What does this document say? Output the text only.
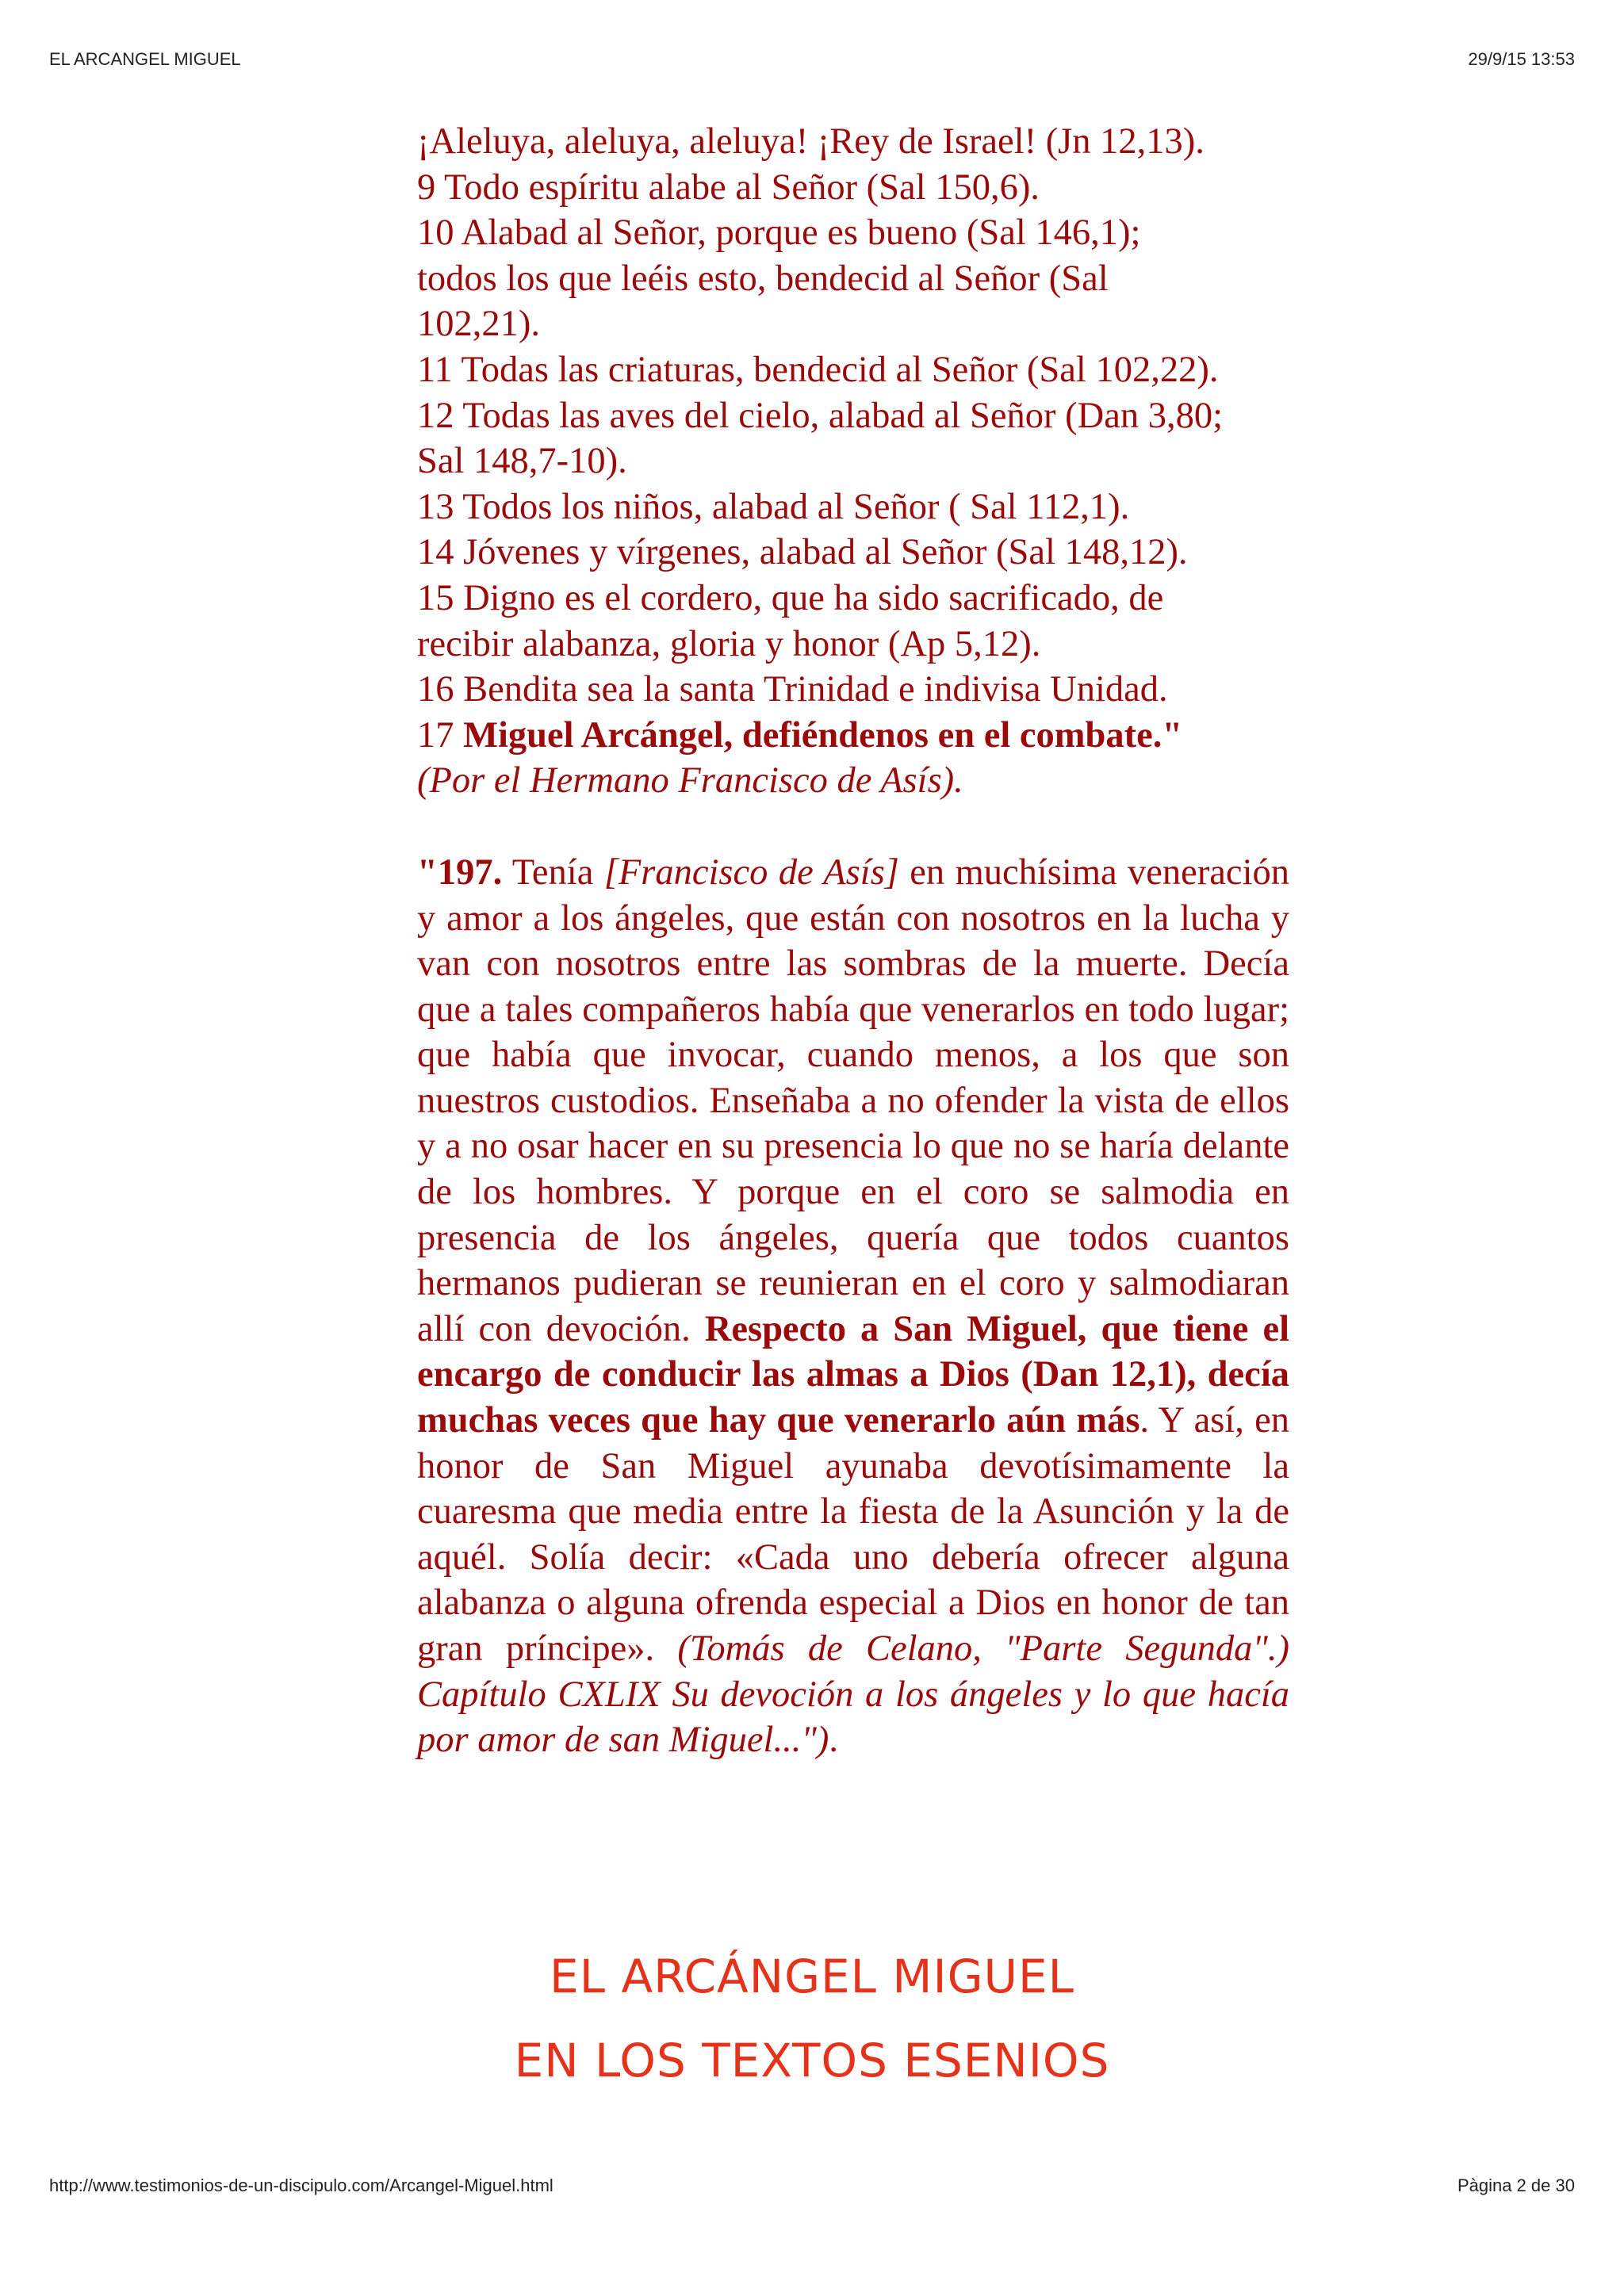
EL ARCANGEL MIGUEL	29/9/15 13:53

¡Aleluya, aleluya, aleluya! ¡Rey de Israel! (Jn 12,13).
9 Todo espíritu alabe al Señor (Sal 150,6).
10 Alabad al Señor, porque es bueno (Sal 146,1);
todos los que leéis esto, bendecid al Señor (Sal
102,21).
11 Todas las criaturas, bendecid al Señor (Sal 102,22).
12 Todas las aves del cielo, alabad al Señor (Dan 3,80;
Sal 148,7-10).
13 Todos los niños, alabad al Señor ( Sal 112,1).
14 Jóvenes y vírgenes, alabad al Señor (Sal 148,12).
15 Digno es el cordero, que ha sido sacrificado, de
recibir alabanza, gloria y honor (Ap 5,12).
16 Bendita sea la santa Trinidad e indivisa Unidad.
17 Miguel Arcángel, defiéndenos en el combate."
(Por el Hermano Francisco de Asís).

"197. Tenía [Francisco de Asís] en muchísima veneración y amor a los ángeles, que están con nosotros en la lucha y van con nosotros entre las sombras de la muerte. Decía que a tales compañeros había que venerarlos en todo lugar; que había que invocar, cuando menos, a los que son nuestros custodios. Enseñaba a no ofender la vista de ellos y a no osar hacer en su presencia lo que no se haría delante de los hombres. Y porque en el coro se salmodia en presencia de los ángeles, quería que todos cuantos hermanos pudieran se reunieran en el coro y salmodiaran allí con devoción. Respecto a San Miguel, que tiene el encargo de conducir las almas a Dios (Dan 12,1), decía muchas veces que hay que venerarlo aún más. Y así, en honor de San Miguel ayunaba devotísimamente la cuaresma que media entre la fiesta de la Asunción y la de aquél. Solía decir: «Cada uno debería ofrecer alguna alabanza o alguna ofrenda especial a Dios en honor de tan gran príncipe». (Tomás de Celano, "Parte Segunda".) Capítulo CXLIX Su devoción a los ángeles y lo que hacía por amor de san Miguel...").

EL ARCÁNGEL MIGUEL
EN LOS TEXTOS ESENIOS
http://www.testimonios-de-un-discipulo.com/Arcangel-Miguel.html	Pàgina 2 de 30
